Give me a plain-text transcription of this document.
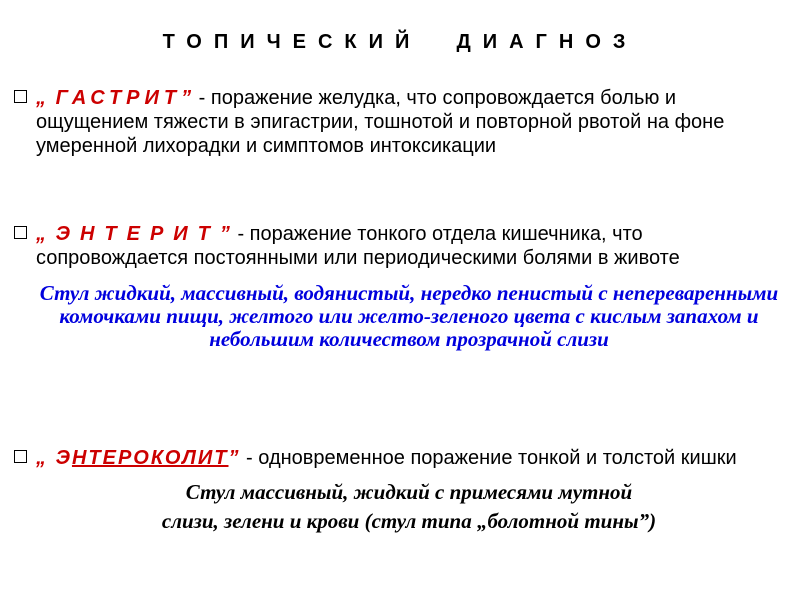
ТОПИЧЕСКИЙ  ДИАГНОЗ
„ ГАСТРИТ” - поражение желудка, что сопровождается болью и ощущением тяжести в эпигастрии, тошнотой и повторной рвотой на фоне умеренной лихорадки и симптомов интоксикации
„ ЭНТЕРИТ” - поражение тонкого отдела кишечника, что сопровождается постоянными или периодическими болями в животе
Стул жидкий, массивный, водянистый, нередко пенистый с непереваренными комочками пищи, желтого или желто-зеленого цвета с кислым запахом и небольшим количеством прозрачной слизи
„ ЭНТЕРОКОЛИТ” - одновременное поражение тонкой и толстой кишки
Стул массивный, жидкий с примесями мутной
слизи, зелени и крови (стул типа „болотной тины”)
